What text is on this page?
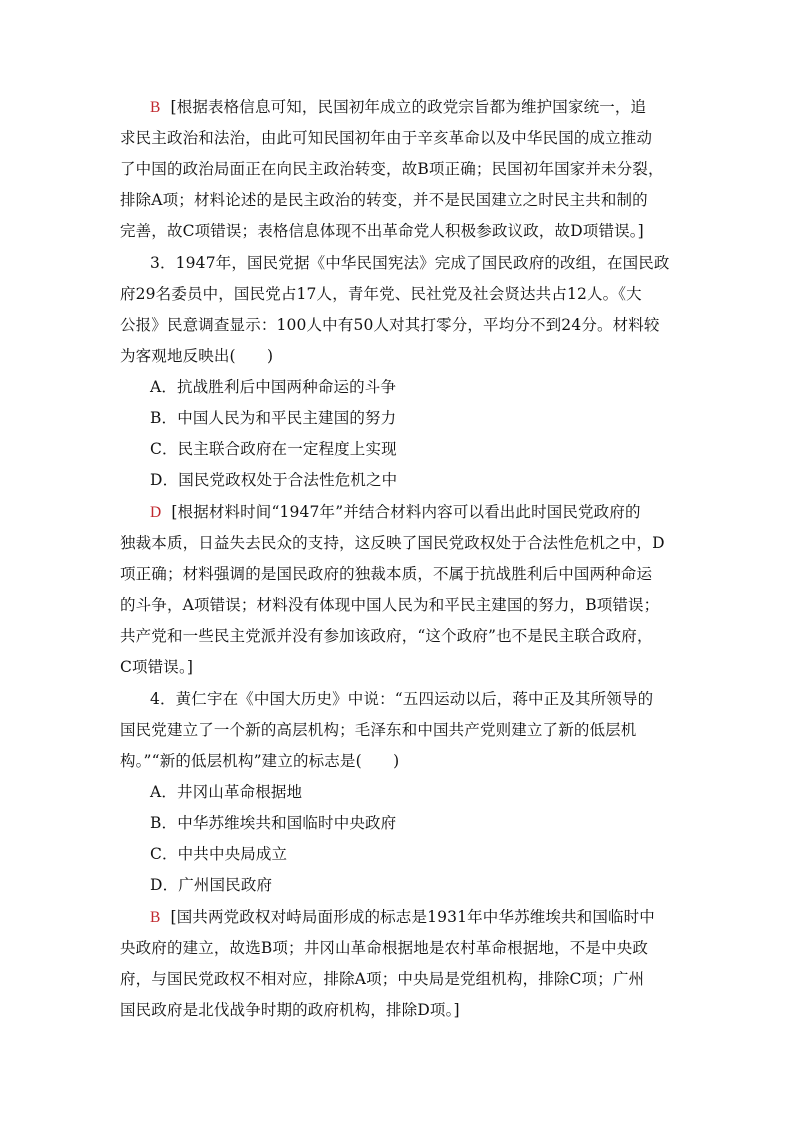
B [根据表格信息可知，民国初年成立的政党宗旨都为维护国家统一，追
求民主政治和法治，由此可知民国初年由于辛亥革命以及中华民国的成立推动
了中国的政治局面正在向民主政治转变，故B项正确；民国初年国家并未分裂，
排除A项；材料论述的是民主政治的转变，并不是民国建立之时民主共和制的
完善，故C项错误；表格信息体现不出革命党人积极参政议政，故D项错误。]
3．1947年，国民党据《中华民国宪法》完成了国民政府的改组，在国民政
府29名委员中，国民党占17人，青年党、民社党及社会贤达共占12人。《大
公报》民意调查显示：100人中有50人对其打零分，平均分不到24分。材料较
为客观地反映出(　　)
A．抗战胜利后中国两种命运的斗争
B．中国人民为和平民主建国的努力
C．民主联合政府在一定程度上实现
D．国民党政权处于合法性危机之中
D [根据材料时间“1947年”并结合材料内容可以看出此时国民党政府的
独裁本质，日益失去民众的支持，这反映了国民党政权处于合法性危机之中，D
项正确；材料强调的是国民政府的独裁本质，不属于抗战胜利后中国两种命运
的斗争，A项错误；材料没有体现中国人民为和平民主建国的努力，B项错误；
共产党和一些民主党派并没有参加该政府，“这个政府”也不是民主联合政府，
C项错误。]
4．黄仁宇在《中国大历史》中说：“五四运动以后，蒋中正及其所领导的
国民党建立了一个新的高层机构；毛泽东和中国共产党则建立了新的低层机
构。”“新的低层机构”建立的标志是(　　)
A．井冈山革命根据地
B．中华苏维埃共和国临时中央政府
C．中共中央局成立
D．广州国民政府
B [国共两党政权对峙局面形成的标志是1931年中华苏维埃共和国临时中
央政府的建立，故选B项；井冈山革命根据地是农村革命根据地，不是中央政
府，与国民党政权不相对应，排除A项；中央局是党组机构，排除C项；广州
国民政府是北伐战争时期的政府机构，排除D项。]
